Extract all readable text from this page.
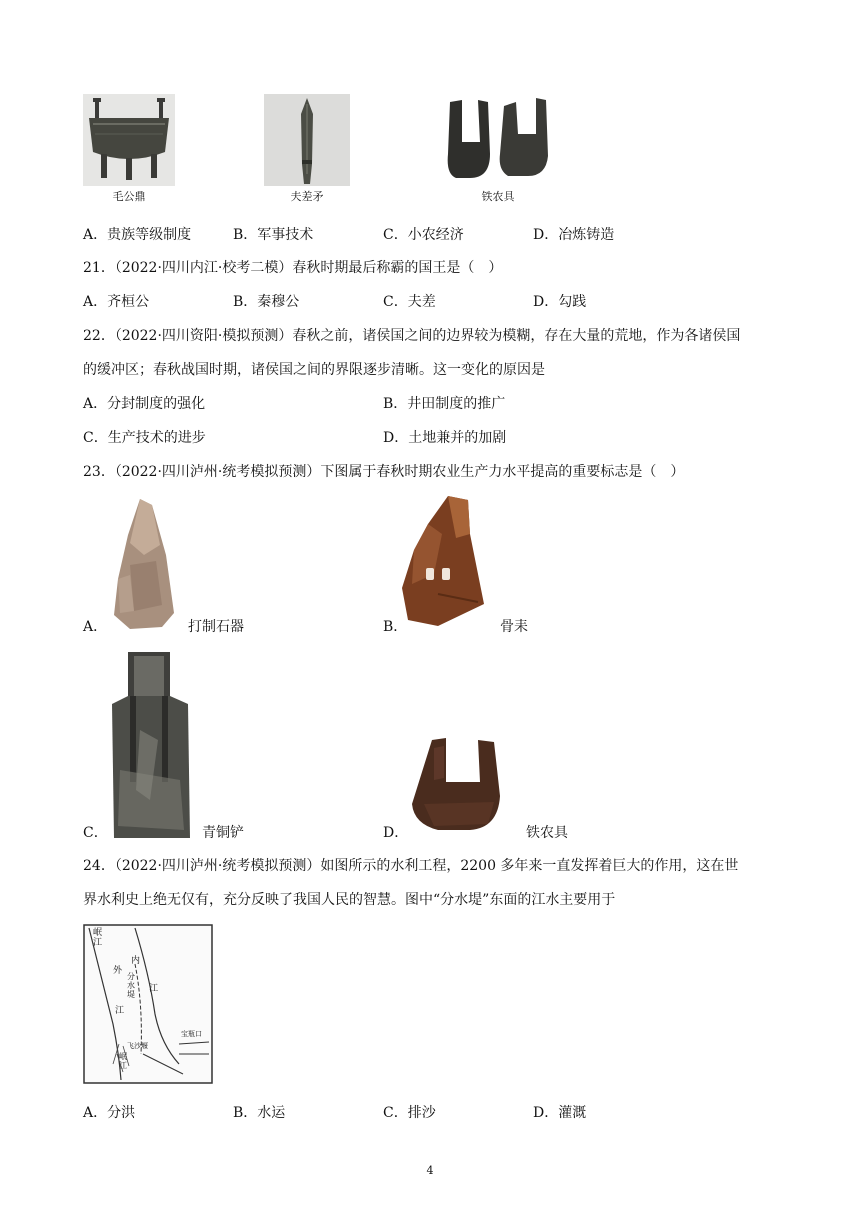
毛公鼎	夫差矛	铁农具
A．贵族等级制度	B．军事技术	C．小农经济	D．冶炼铸造
21．（2022·四川内江·校考二模）春秋时期最后称霸的国王是（　）
A．齐桓公	B．秦穆公	C．夫差	D．勾践
22．（2022·四川资阳·模拟预测）春秋之前，诸侯国之间的边界较为模糊，存在大量的荒地，作为各诸侯国
的缓冲区；春秋战国时期，诸侯国之间的界限逐步清晰。这一变化的原因是
A．分封制度的强化	B．井田制度的推广
C．生产技术的进步	D．土地兼并的加剧
23．（2022·四川泸州·统考模拟预测）下图属于春秋时期农业生产力水平提高的重要标志是（　）
A．	打制石器	B．	骨耒
C．	青铜铲	D．	铁农具
24．（2022·四川泸州·统考模拟预测）如图所示的水利工程，2200 多年来一直发挥着巨大的作用，这在世
界水利史上绝无仅有，充分反映了我国人民的智慧。图中“分水堤”东面的江水主要用于
岷
江
内
外
分
水
堤
江
江
宝瓶口
飞沙堰
岷
江
A．分洪	B．水运	C．排沙	D．灌溉
4
